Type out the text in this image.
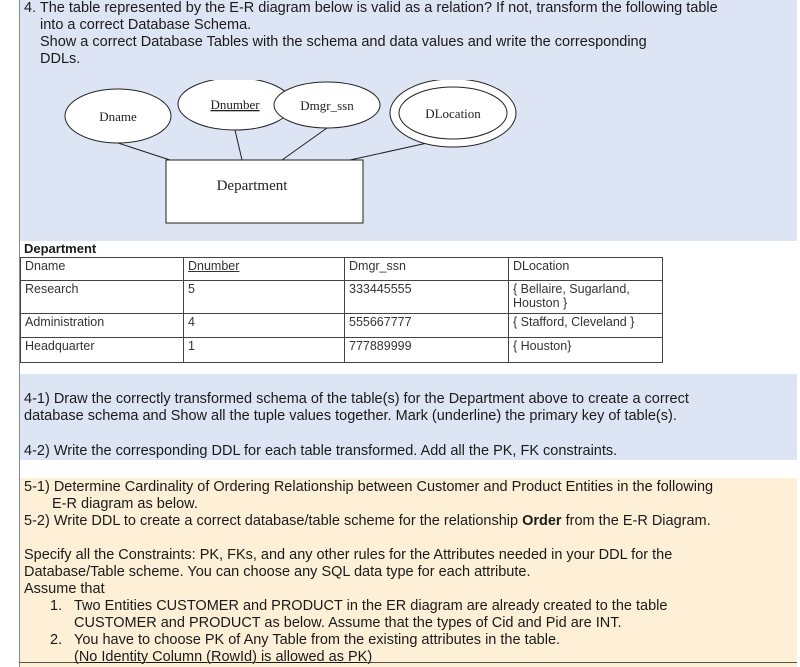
4. The table represented by the E-R diagram below is valid as a relation? If not, transform the following table
into a correct Database Schema.
Show a correct Database Tables with the schema and data values and write the corresponding
DDLs.
Dname
Dnumber	Dmgr_ssn
DLocation
Department
Department
Dname	Dnumber	Dmgr_ssn	DLocation
Research	5	333445555	{ Bellaire, Sugarland,
Houston }

Administration	4	555667777	{ Stafford, Cleveland }
Headquarter	1	777889999	{ Houston}
4-1) Draw the correctly transformed schema of the table(s) for the Department above to create a correct
database schema and Show all the tuple values together. Mark (underline) the primary key of table(s).
4-2) Write the corresponding DDL for each table transformed. Add all the PK, FK constraints.
5-1) Determine Cardinality of Ordering Relationship between Customer and Product Entities in the following
E-R diagram as below.
5-2) Write DDL to create a correct database/table scheme for the relationship Order from the E-R Diagram.
Specify all the Constraints: PK, FKs, and any other rules for the Attributes needed in your DDL for the
Database/Table scheme. You can choose any SQL data type for each attribute.
Assume that
1. Two Entities CUSTOMER and PRODUCT in the ER diagram are already created to the table
CUSTOMER and PRODUCT as below. Assume that the types of Cid and Pid are INT.
2. You have to choose PK of Any Table from the existing attributes in the table.
(No Identity Column (RowId) is allowed as PK)
